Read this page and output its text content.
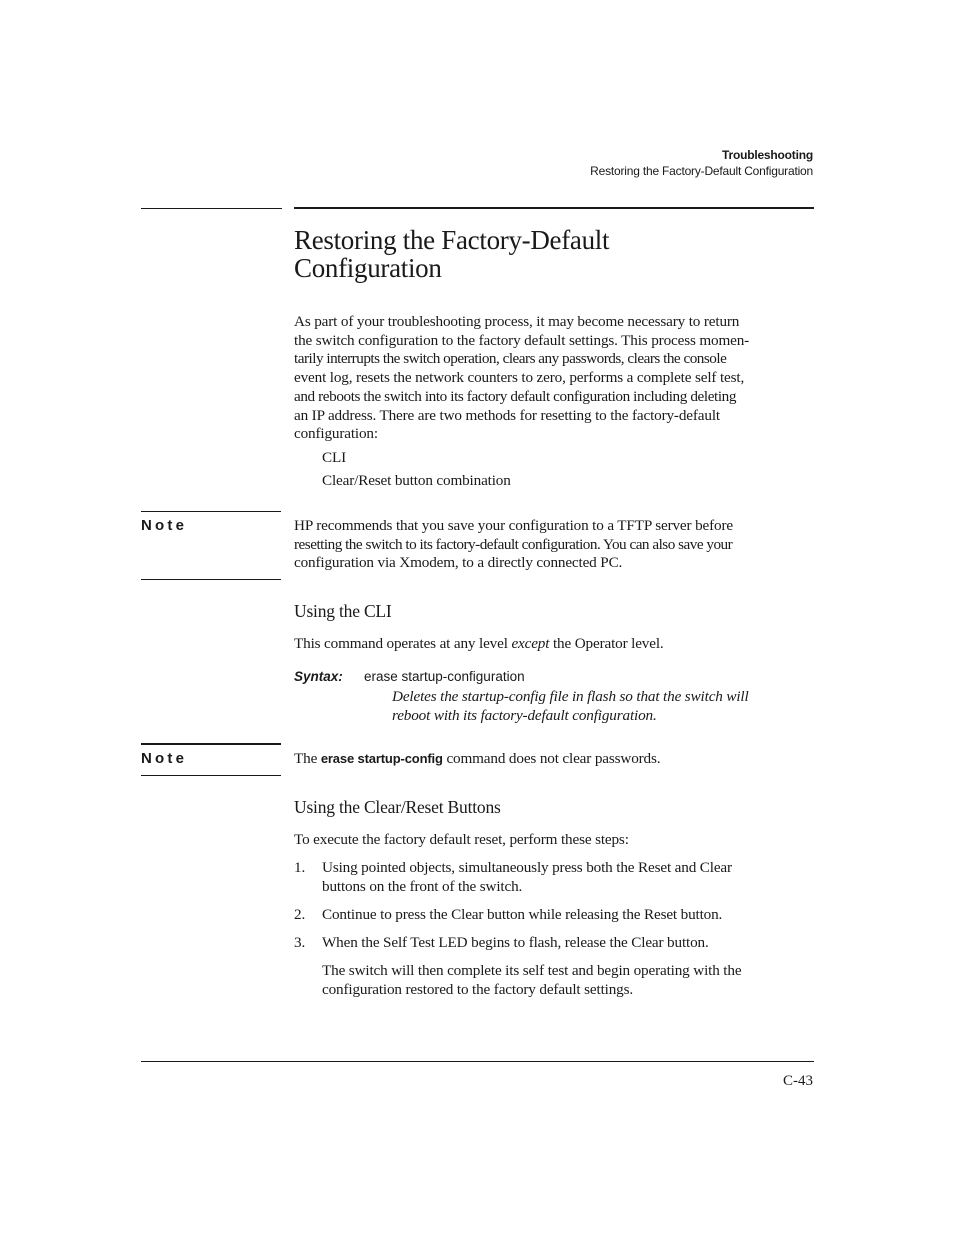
Troubleshooting
Restoring the Factory-Default Configuration
Restoring the Factory-Default
Configuration
As part of your troubleshooting process, it may become necessary to return
the switch configuration to the factory default settings. This process momen-
tarily interrupts the switch operation, clears any passwords, clears the console
event log, resets the network counters to zero, performs a complete self test,
and reboots the switch into its factory default configuration including deleting
an IP address. There are two methods for resetting to the factory-default
configuration:
CLI
Clear/Reset button combination
Note	HP recommends that you save your configuration to a TFTP server before
resetting the switch to its factory-default configuration. You can also save your
configuration via Xmodem, to a directly connected PC.
Using the CLI
This command operates at any level except the Operator level.
Syntax: erase startup-configuration
Deletes the startup-config file in flash so that the switch will
reboot with its factory-default configuration.
Note	The erase startup-config command does not clear passwords.
Using the Clear/Reset Buttons
To execute the factory default reset, perform these steps:
1. Using pointed objects, simultaneously press both the Reset and Clear
buttons on the front of the switch.
2. Continue to press the Clear button while releasing the Reset button.
3. When the Self Test LED begins to flash, release the Clear button.
The switch will then complete its self test and begin operating with the
configuration restored to the factory default settings.
C-43
